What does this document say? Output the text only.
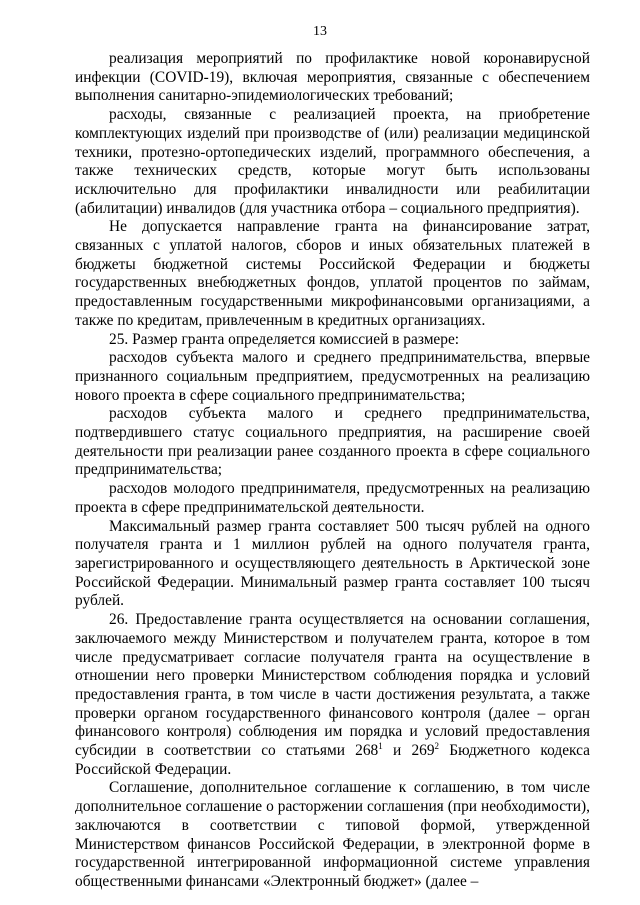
13

реализация мероприятий по профилактике новой коронавирусной инфекции (COVID-19), включая мероприятия, связанные с обеспечением выполнения санитарно-эпидемиологических требований;

расходы, связанные с реализацией проекта, на приобретение комплектующих изделий при производстве of (или) реализации медицинской техники, протезно-ортопедических изделий, программного обеспечения, а также технических средств, которые могут быть использованы исключительно для профилактики инвалидности или реабилитации (абилитации) инвалидов (для участника отбора – социального предприятия).

Не допускается направление гранта на финансирование затрат, связанных с уплатой налогов, сборов и иных обязательных платежей в бюджеты бюджетной системы Российской Федерации и бюджеты государственных внебюджетных фондов, уплатой процентов по займам, предоставленным государственными микрофинансовыми организациями, а также по кредитам, привлеченным в кредитных организациях.

25. Размер гранта определяется комиссией в размере:

расходов субъекта малого и среднего предпринимательства, впервые признанного социальным предприятием, предусмотренных на реализацию нового проекта в сфере социального предпринимательства;

расходов субъекта малого и среднего предпринимательства, подтвердившего статус социального предприятия, на расширение своей деятельности при реализации ранее созданного проекта в сфере социального предпринимательства;

расходов молодого предпринимателя, предусмотренных на реализацию проекта в сфере предпринимательской деятельности.

Максимальный размер гранта составляет 500 тысяч рублей на одного получателя гранта и 1 миллион рублей на одного получателя гранта, зарегистрированного и осуществляющего деятельность в Арктической зоне Российской Федерации. Минимальный размер гранта составляет 100 тысяч рублей.

26. Предоставление гранта осуществляется на основании соглашения, заключаемого между Министерством и получателем гранта, которое в том числе предусматривает согласие получателя гранта на осуществление в отношении него проверки Министерством соблюдения порядка и условий предоставления гранта, в том числе в части достижения результата, а также проверки органом государственного финансового контроля (далее – орган финансового контроля) соблюдения им порядка и условий предоставления субсидии в соответствии со статьями $268^1$ и $269^2$ Бюджетного кодекса Российской Федерации.

Соглашение, дополнительное соглашение к соглашению, в том числе дополнительное соглашение о расторжении соглашения (при необходимости), заключаются в соответствии с типовой формой, утвержденной Министерством финансов Российской Федерации, в электронной форме в государственной интегрированной информационной системе управления общественными финансами «Электронный бюджет» (далее –
